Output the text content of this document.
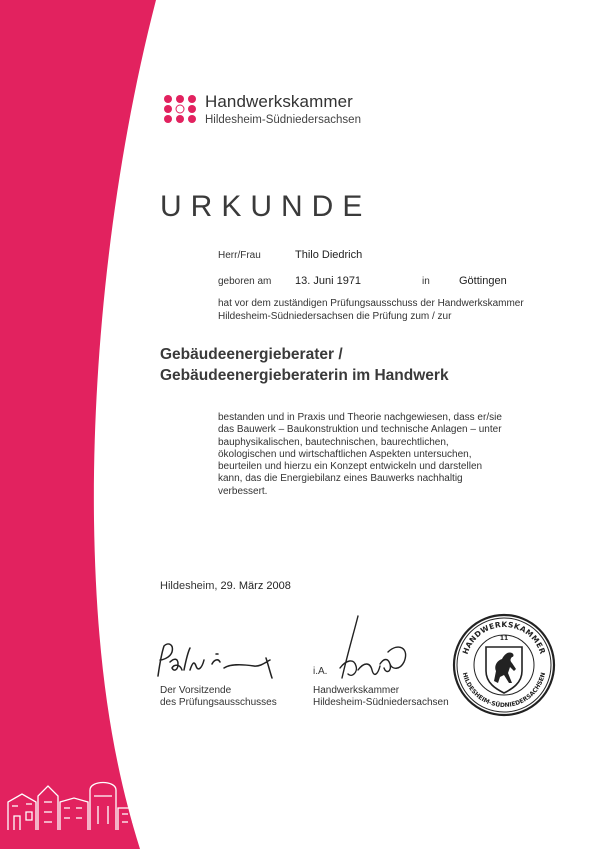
Handwerkskammer
Hildesheim-Südniedersachsen
URKUNDE
Herr/Frau	Thilo Diedrich
geboren am 13. Juni 1971	in	Göttingen
hat vor dem zuständigen Prüfungsausschuss der Handwerkskammer
Hildesheim-Südniedersachsen die Prüfung zum / zur
Gebäudeenergieberater /
Gebäudeenergieberaterin im Handwerk
bestanden und in Praxis und Theorie nachgewiesen, dass er/sie
das Bauwerk – Baukonstruktion und technische Anlagen – unter
bauphysikalischen, bautechnischen, baurechtlichen,
ökologischen und wirtschaftlichen Aspekten untersuchen,
beurteilen und hierzu ein Konzept entwickeln und darstellen
kann, das die Energiebilanz eines Bauwerks nachhaltig
verbessert.
Hildesheim, 29. März 2008
Der Vorsitzende
des Prüfungsausschusses
i.A.
Handwerkskammer
Hildesheim-Südniedersachsen
HANDWERKSKAMMER
HILDESHEIM-SÜDNIEDERSACHSEN
11
